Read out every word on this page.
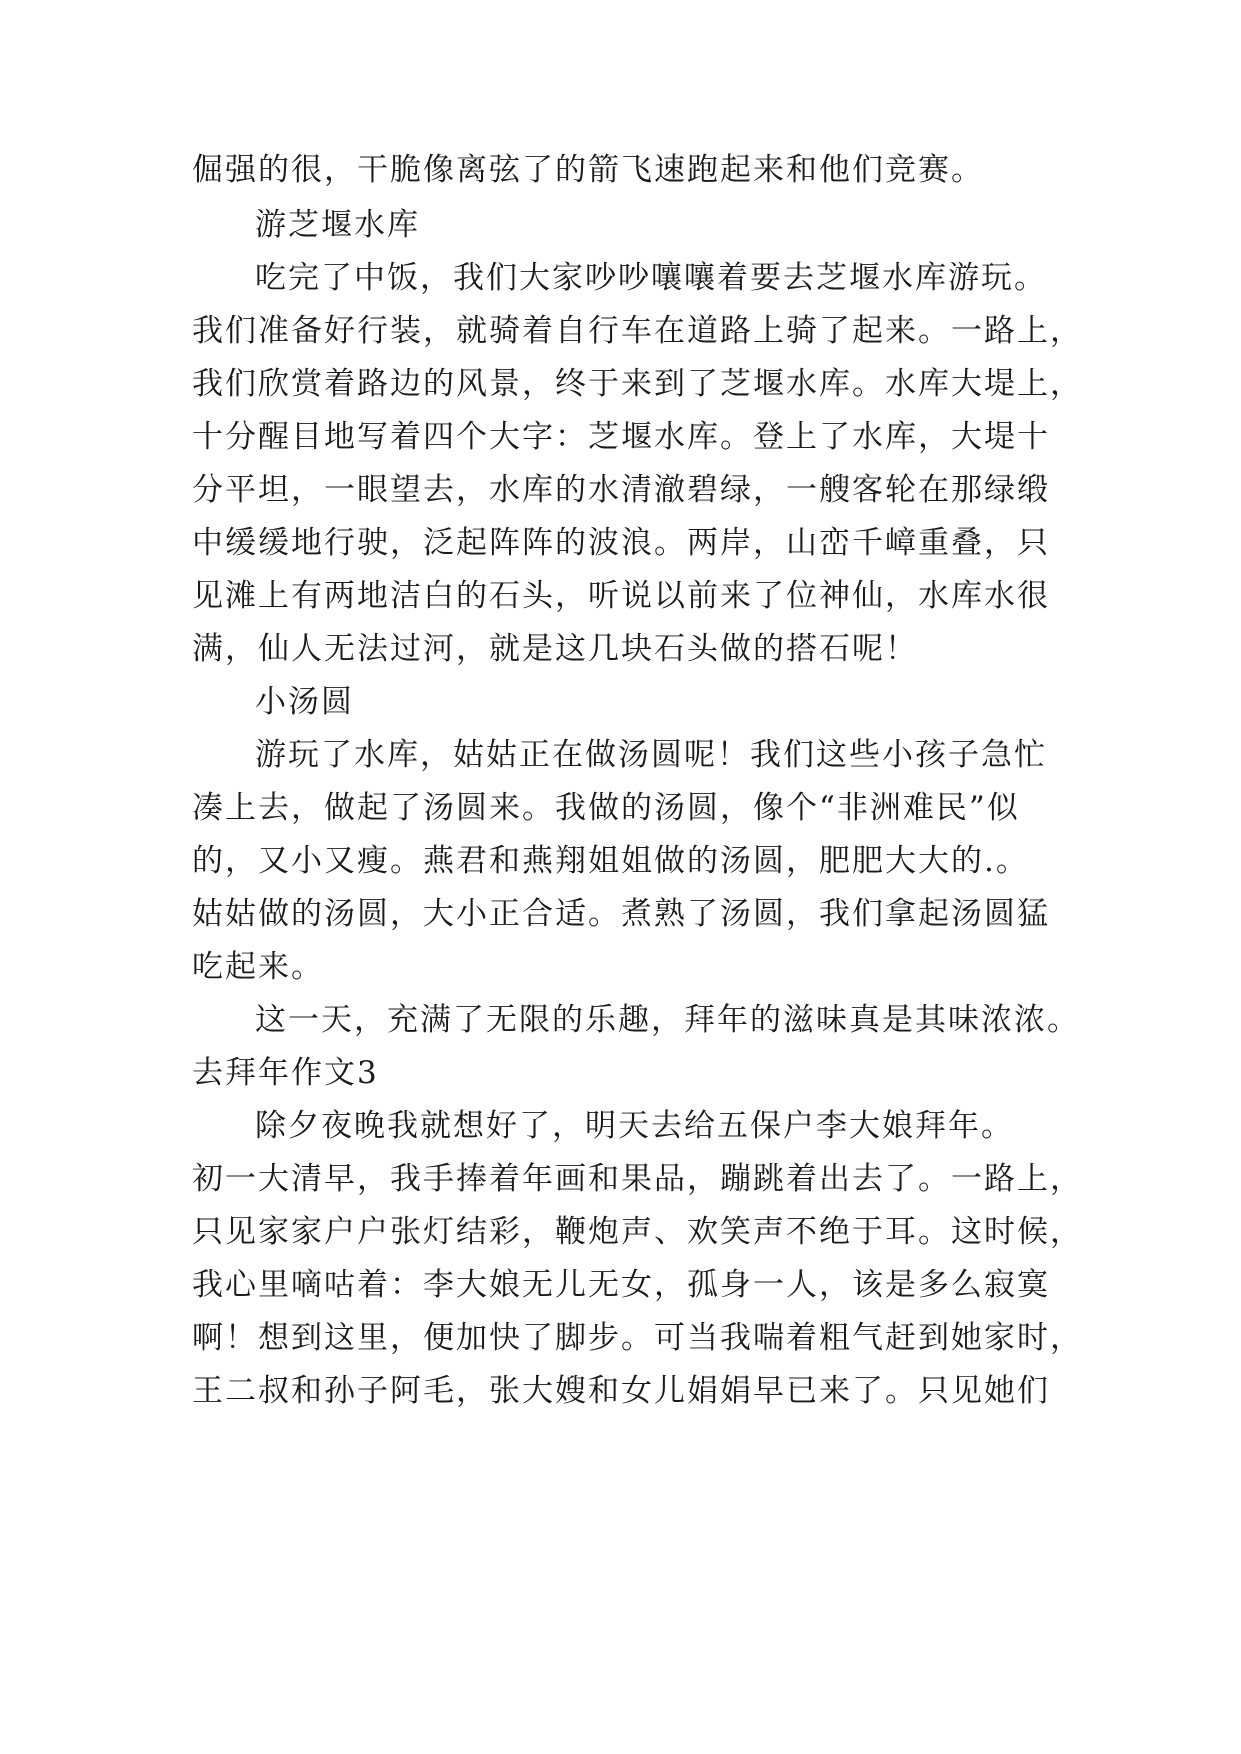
倔强的很，干脆像离弦了的箭飞速跑起来和他们竞赛。
游芝堰水库
吃完了中饭，我们大家吵吵嚷嚷着要去芝堰水库游玩。
我们准备好行装，就骑着自行车在道路上骑了起来。一路上，
我们欣赏着路边的风景，终于来到了芝堰水库。水库大堤上，
十分醒目地写着四个大字：芝堰水库。登上了水库，大堤十
分平坦，一眼望去，水库的水清澈碧绿，一艘客轮在那绿缎
中缓缓地行驶，泛起阵阵的波浪。两岸，山峦千嶂重叠，只
见滩上有两地洁白的石头，听说以前来了位神仙，水库水很
满，仙人无法过河，就是这几块石头做的搭石呢！
小汤圆
游玩了水库，姑姑正在做汤圆呢！我们这些小孩子急忙
凑上去，做起了汤圆来。我做的汤圆，像个“非洲难民”似
的，又小又瘦。燕君和燕翔姐姐做的汤圆，肥肥大大的.。
姑姑做的汤圆，大小正合适。煮熟了汤圆，我们拿起汤圆猛
吃起来。
这一天，充满了无限的乐趣，拜年的滋味真是其味浓浓。
去拜年作文3
除夕夜晚我就想好了，明天去给五保户李大娘拜年。
初一大清早，我手捧着年画和果品，蹦跳着出去了。一路上，
只见家家户户张灯结彩，鞭炮声、欢笑声不绝于耳。这时候，
我心里嘀咕着：李大娘无儿无女，孤身一人，该是多么寂寞
啊！想到这里，便加快了脚步。可当我喘着粗气赶到她家时，
王二叔和孙子阿毛，张大嫂和女儿娟娟早已来了。只见她们
